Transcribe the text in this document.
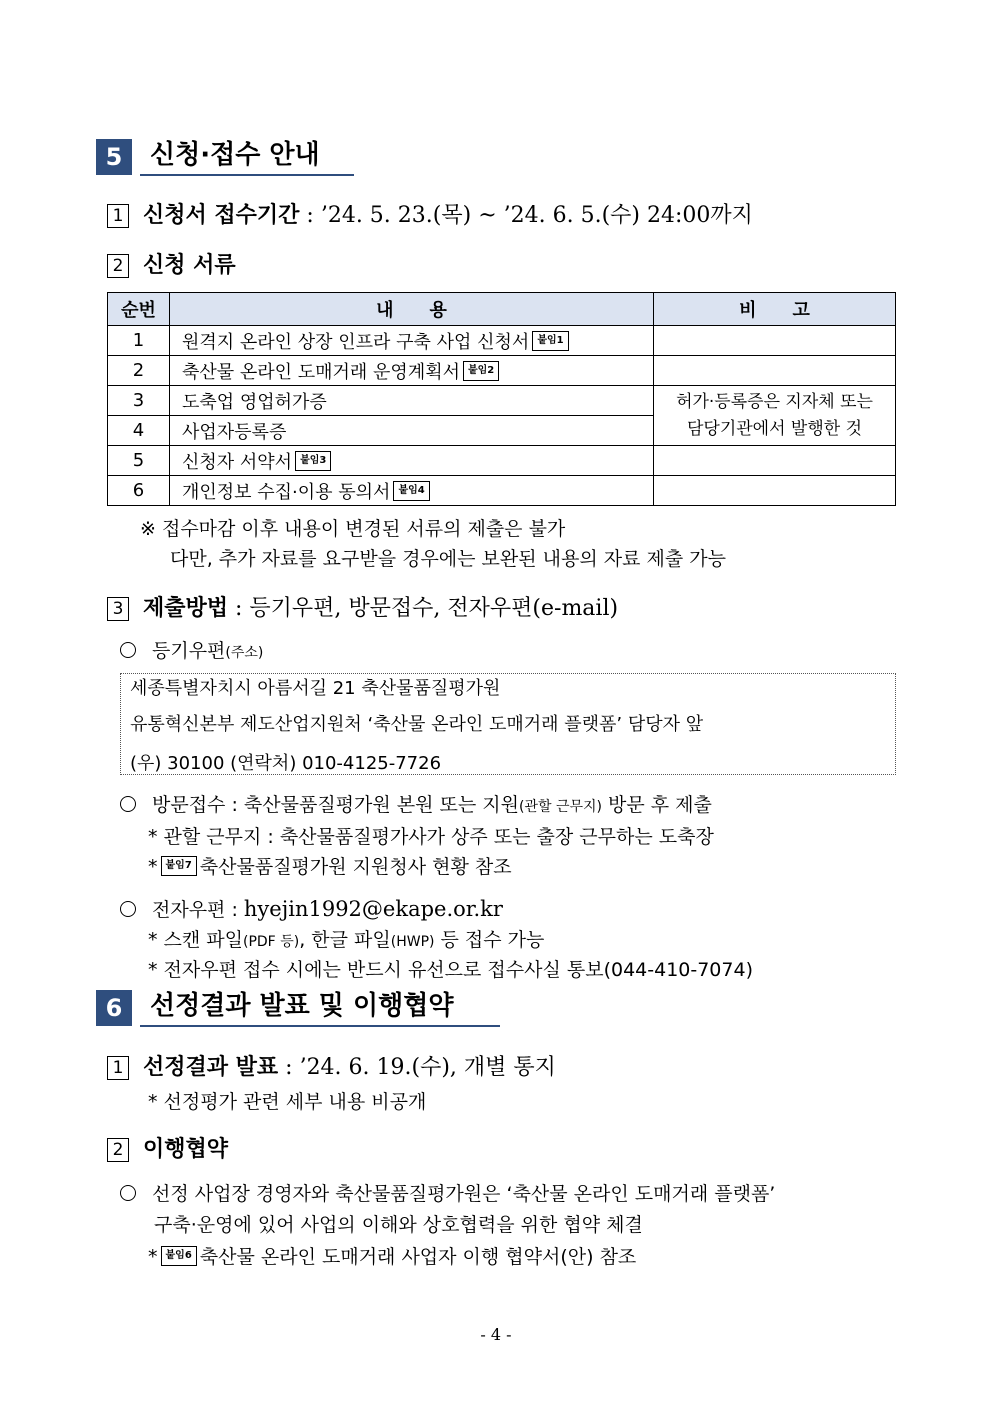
5	신청·접수 안내
1 신청서 접수기간 : ’24. 5. 23.(목) ~ ’24. 6. 5.(수) 24:00까지
2 신청 서류
순번	내　　용	비　　고
1	원격지 온라인 상장 인프라 구축 사업 신청서 붙임1	
2	축산물 온라인 도매거래 운영계획서 붙임2	
3	도축업 영업허가증	허가·등록증은 지자체 또는
담당기관에서 발행한 것

4	사업자등록증	
5	신청자 서약서 붙임3	
6	개인정보 수집·이용 동의서 붙임4	
※ 접수마감 이후 내용이 변경된 서류의 제출은 불가
다만, 추가 자료를 요구받을 경우에는 보완된 내용의 자료 제출 가능
3 제출방법 : 등기우편, 방문접수, 전자우편(e-mail)
등기우편(주소)
세종특별자치시 아름서길 21 축산물품질평가원
유통혁신본부 제도산업지원처 ‘축산물 온라인 도매거래 플랫폼’ 담당자 앞
(우) 30100 (연락처) 010-4125-7726
방문접수 : 축산물품질평가원 본원 또는 지원(관할 근무지) 방문 후 제출
* 관할 근무지 : 축산물품질평가사가 상주 또는 출장 근무하는 도축장
* 붙임7 축산물품질평가원 지원청사 현황 참조
전자우편 : hyejin1992@ekape.or.kr
* 스캔 파일(PDF 등), 한글 파일(HWP) 등 접수 가능
* 전자우편 접수 시에는 반드시 유선으로 접수사실 통보(044-410-7074)
6	선정결과 발표 및 이행협약
1 선정결과 발표 : ’24. 6. 19.(수), 개별 통지
* 선정평가 관련 세부 내용 비공개
2 이행협약
선정 사업장 경영자와 축산물품질평가원은 ‘축산물 온라인 도매거래 플랫폼’
구축·운영에 있어 사업의 이해와 상호협력을 위한 협약 체결
* 붙임6 축산물 온라인 도매거래 사업자 이행 협약서(안) 참조
- 4 -
